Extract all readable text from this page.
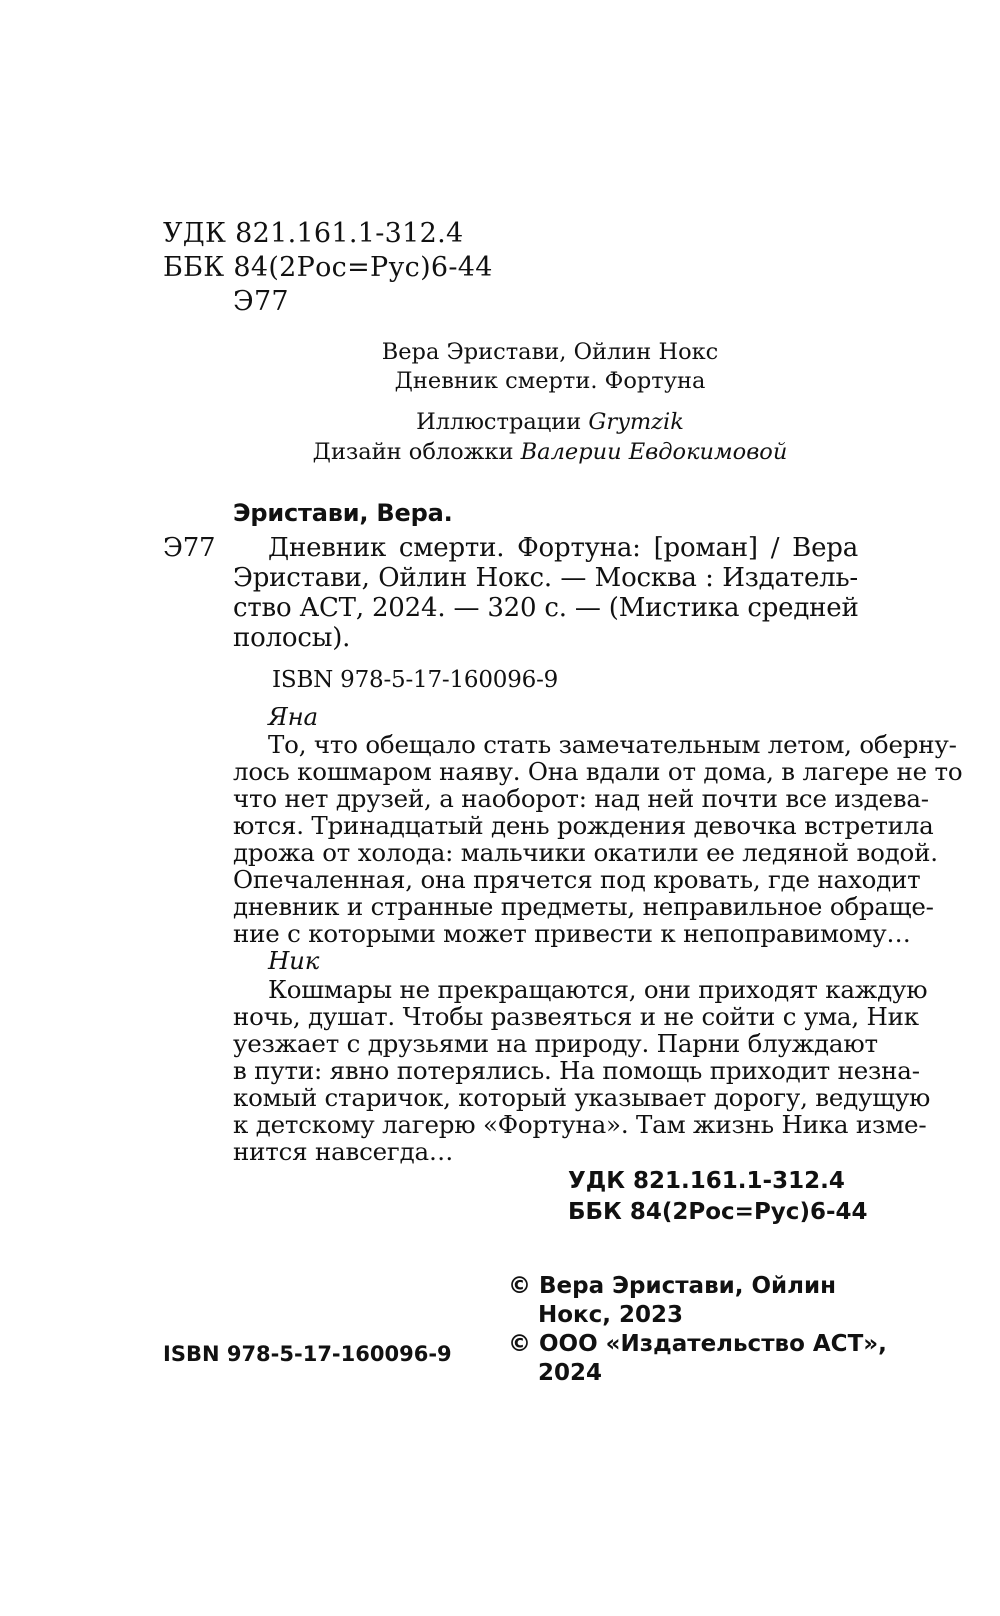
УДК 821.161.1-312.4
ББК 84(2Рос=Рус)6-44
Э77
Вера Эристави, Ойлин Нокс
Дневник смерти. Фортуна
Иллюстрации Grymzik
Дизайн обложки Валерии Евдокимовой
Эристави, Вера.
Э77 Дневник смерти. Фортуна: [роман] / Вера
Эристави, Ойлин Нокс. — Москва : Издатель-
ство АСТ, 2024. — 320 с. — (Мистика средней
полосы).
ISBN 978-5-17-160096-9
Яна
То, что обещало стать замечательным летом, оберну-
лось кошмаром наяву. Она вдали от дома, в лагере не то
что нет друзей, а наоборот: над ней почти все издева-
ются. Тринадцатый день рождения девочка встретила
дрожа от холода: мальчики окатили ее ледяной водой.
Опечаленная, она прячется под кровать, где находит
дневник и странные предметы, неправильное обраще-
ние с которыми может привести к непоправимому…
Ник
Кошмары не прекращаются, они приходят каждую
ночь, душат. Чтобы развеяться и не сойти с ума, Ник
уезжает с друзьями на природу. Парни блуждают
в пути: явно потерялись. На помощь приходит незна-
комый старичок, который указывает дорогу, ведущую
к детскому лагерю «Фортуна». Там жизнь Ника изме-
нится навсегда…
УДК 821.161.1-312.4
ББК 84(2Рос=Рус)6-44
ISBN 978-5-17-160096-9
© Вера Эристави, Ойлин
Нокс, 2023
© ООО «Издательство АСТ»,
2024
